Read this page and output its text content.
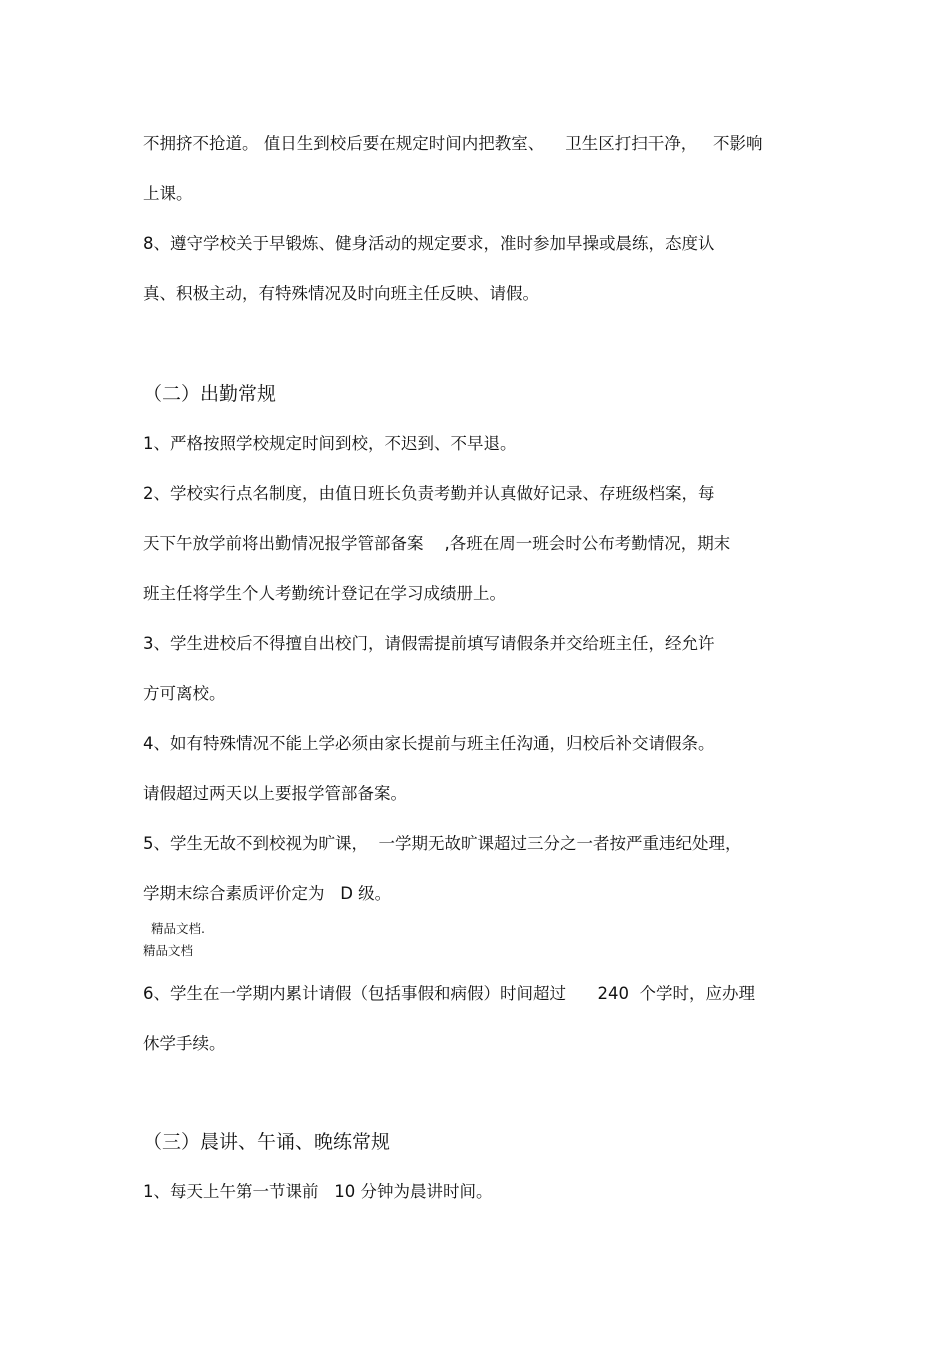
不拥挤不抢道。 值日生到校后要在规定时间内把教室、    卫生区打扫干净，   不影响

上课。

8、遵守学校关于早锻炼、健身活动的规定要求，准时参加早操或晨练，态度认

真、积极主动，有特殊情况及时向班主任反映、请假。

（二）出勤常规

1、严格按照学校规定时间到校，不迟到、不早退。

2、学校实行点名制度，由值日班长负责考勤并认真做好记录、存班级档案，每

天下午放学前将出勤情况报学管部备案    ,各班在周一班会时公布考勤情况，期末

班主任将学生个人考勤统计登记在学习成绩册上。

3、学生进校后不得擅自出校门，请假需提前填写请假条并交给班主任，经允许

方可离校。

4、如有特殊情况不能上学必须由家长提前与班主任沟通，归校后补交请假条。

请假超过两天以上要报学管部备案。

5、学生无故不到校视为旷课，  一学期无故旷课超过三分之一者按严重违纪处理，

学期末综合素质评价定为   D 级。

精品文档.

精品文档

6、学生在一学期内累计请假（包括事假和病假）时间超过      240  个学时，应办理

休学手续。

（三）晨讲、午诵、晚练常规

1、每天上午第一节课前   10 分钟为晨讲时间。
